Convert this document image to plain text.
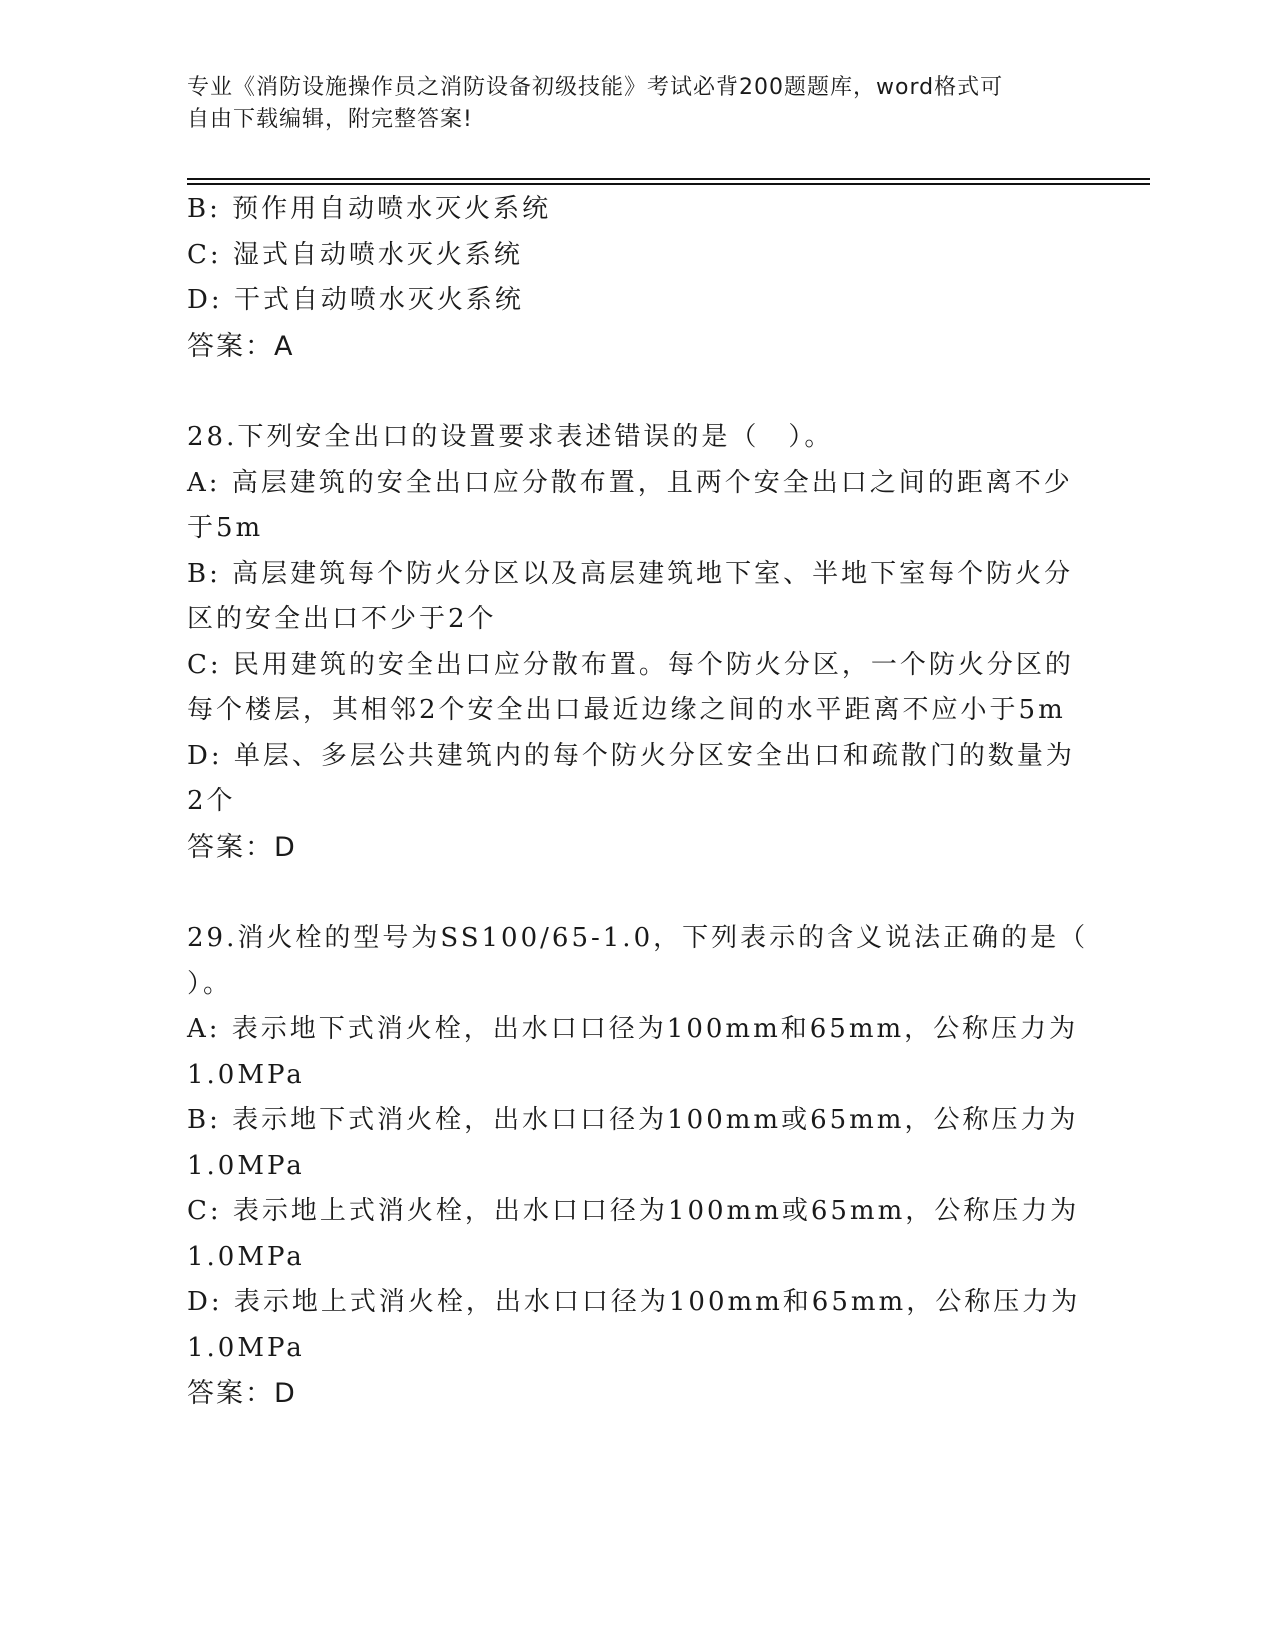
专业《消防设施操作员之消防设备初级技能》考试必背200题题库，word格式可
自由下载编辑，附完整答案!
B: 预作用自动喷水灭火系统
C: 湿式自动喷水灭火系统
D: 干式自动喷水灭火系统
答案：A
28.下列安全出口的设置要求表述错误的是（　）。
A: 高层建筑的安全出口应分散布置，且两个安全出口之间的距离不少
于5m
B: 高层建筑每个防火分区以及高层建筑地下室、半地下室每个防火分
区的安全出口不少于2个
C: 民用建筑的安全出口应分散布置。每个防火分区，一个防火分区的
每个楼层，其相邻2个安全出口最近边缘之间的水平距离不应小于5m
D: 单层、多层公共建筑内的每个防火分区安全出口和疏散门的数量为
2个
答案：D
29.消火栓的型号为SS100/65-1.0，下列表示的含义说法正确的是（
）。
A: 表示地下式消火栓，出水口口径为100mm和65mm，公称压力为
1.0MPa
B: 表示地下式消火栓，出水口口径为100mm或65mm，公称压力为
1.0MPa
C: 表示地上式消火栓，出水口口径为100mm或65mm，公称压力为
1.0MPa
D: 表示地上式消火栓，出水口口径为100mm和65mm，公称压力为
1.0MPa
答案：D
